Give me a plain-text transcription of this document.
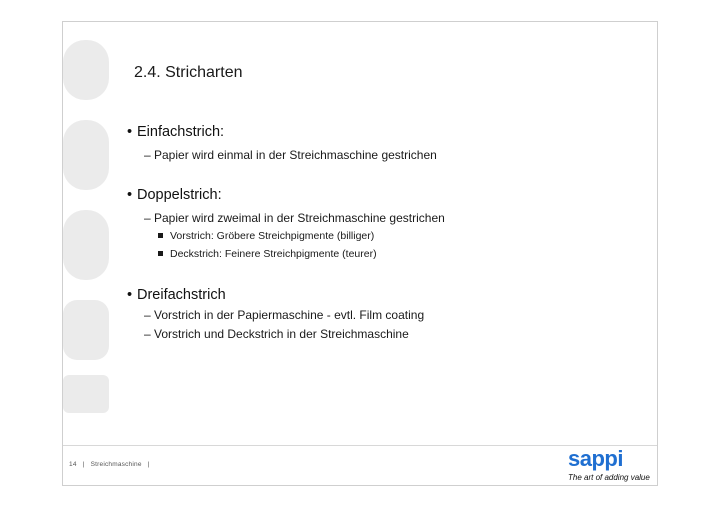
2.4. Stricharten
• Einfachstrich:
– Papier wird einmal in der Streichmaschine gestrichen
• Doppelstrich:
– Papier wird zweimal in der Streichmaschine gestrichen
Vorstrich: Gröbere Streichpigmente (billiger)
Deckstrich: Feinere Streichpigmente (teurer)
• Dreifachstrich
– Vorstrich in der Papiermaschine - evtl. Film coating
– Vorstrich und Deckstrich in der Streichmaschine
14 | Streichmaschine |	sappi
The art of adding value
